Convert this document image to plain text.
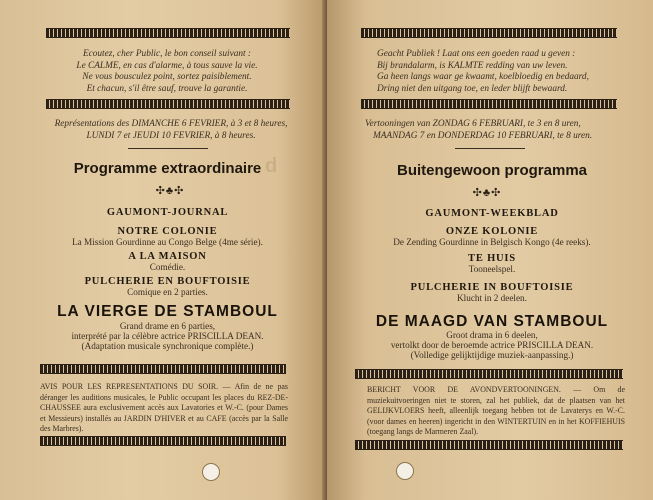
Ecoutez, cher Public, le bon conseil suivant :
Le CALME, en cas d'alarme, à tous sauve la vie.
Ne vous bousculez point, sortez paisiblement.
Et chacun, s'il être sauf, trouve la garantie.
Représentations des DIMANCHE 6 FEVRIER, à 3 et 8 heures,
LUNDI 7 et JEUDI 10 FEVRIER, à 8 heures.
d
Programme extraordinaire
✣♣✣
GAUMONT-JOURNAL
NOTRE COLONIE
La Mission Gourdinne au Congo Belge (4me série).
A LA MAISON
Comédie.
PULCHERIE EN BOUFTOISIE
Comique en 2 parties.
LA VIERGE DE STAMBOUL
Grand drame en 6 parties,
interprété par la célèbre actrice PRISCILLA DEAN.
(Adaptation musicale synchronique complète.)
AVIS POUR LES REPRESENTATIONS DU SOIR. — Afin de ne pas déranger les auditions musicales, le Public occupant les places du REZ-DE-CHAUSSEE aura exclusivement accès aux Lavatories et W.-C. (pour Dames et Messieurs) installés au JARDIN D'HIVER et au CAFE (accès par la Salle des Marbres).
Geacht Publiek ! Laat ons een goeden raad u geven :
Bij brandalarm, is KALMTE redding van uw leven.
Ga heen langs waar ge kwaamt, koelbloedig en bedaard,
Dring niet den uitgang toe, en leder blijft bewaard.
Vertooningen van ZONDAG 6 FEBRUARI, te 3 en 8 uren,
MAANDAG 7 en DONDERDAG 10 FEBRUARI, te 8 uren.
Buitengewoon programma
✣♣✣
GAUMONT-WEEKBLAD
ONZE KOLONIE
De Zending Gourdinne in Belgisch Kongo (4e reeks).
TE HUIS
Tooneelspel.
PULCHERIE IN BOUFTOISIE
Klucht in 2 deelen.
DE MAAGD VAN STAMBOUL
Groot drama in 6 deelen,
vertolkt door de beroemde actrice PRISCILLA DEAN.
(Volledige gelijktijdige muziek-aanpassing.)
BERICHT VOOR DE AVONDVERTOONINGEN. — Om de muziekuitvoeringen niet te storen, zal het publiek, dat de plaatsen van het GELIJKVLOERS heeft, alleenlijk toegang hebben tot de Lavaterys en W.-C. (voor dames en heeren) ingericht in den WINTERTUIN en in het KOFFIEHUIS (toegang langs de Marmeren Zaal).
